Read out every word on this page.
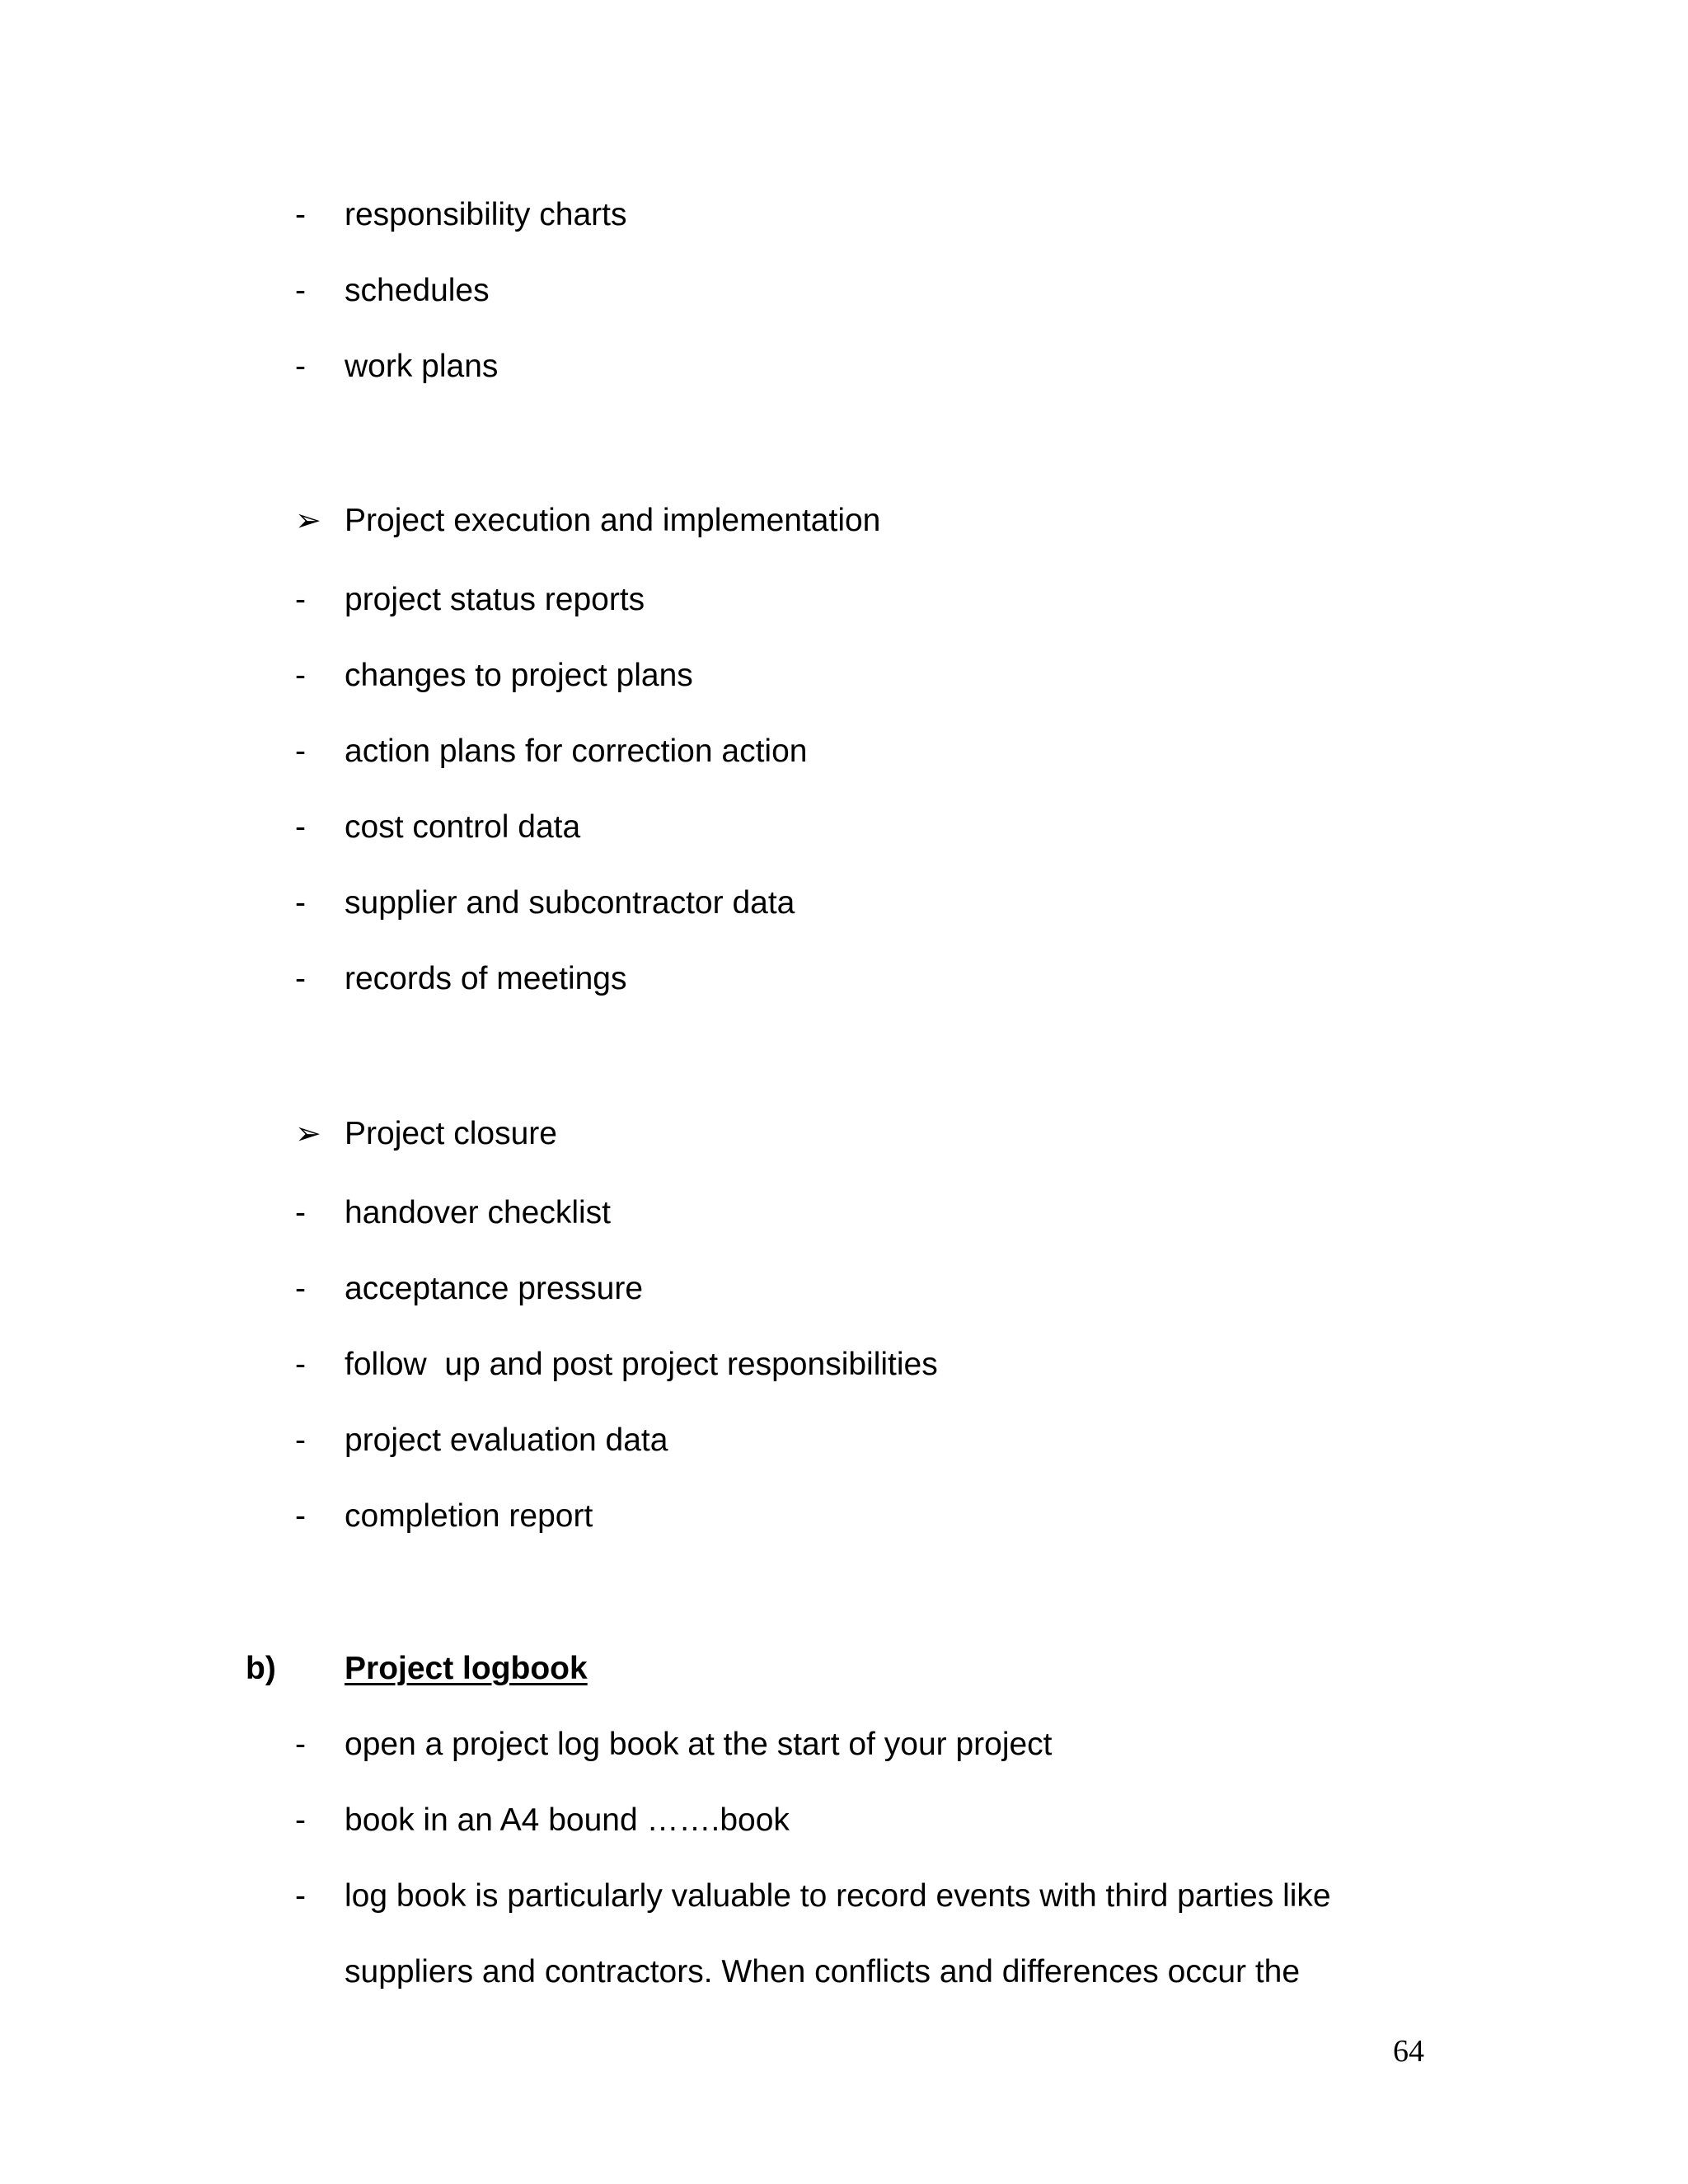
- responsibility charts
- schedules
- work plans
➢ Project execution and implementation
- project status reports
- changes to project plans
- action plans for correction action
- cost control data
- supplier and subcontractor data
- records of meetings
➢ Project closure
- handover checklist
- acceptance pressure
- follow  up and post project responsibilities
- project evaluation data
- completion report
b) Project logbook
- open a project log book at the start of your project
- book in an A4 bound …….book
- log book is particularly valuable to record events with third parties like
suppliers and contractors. When conflicts and differences occur the
64
